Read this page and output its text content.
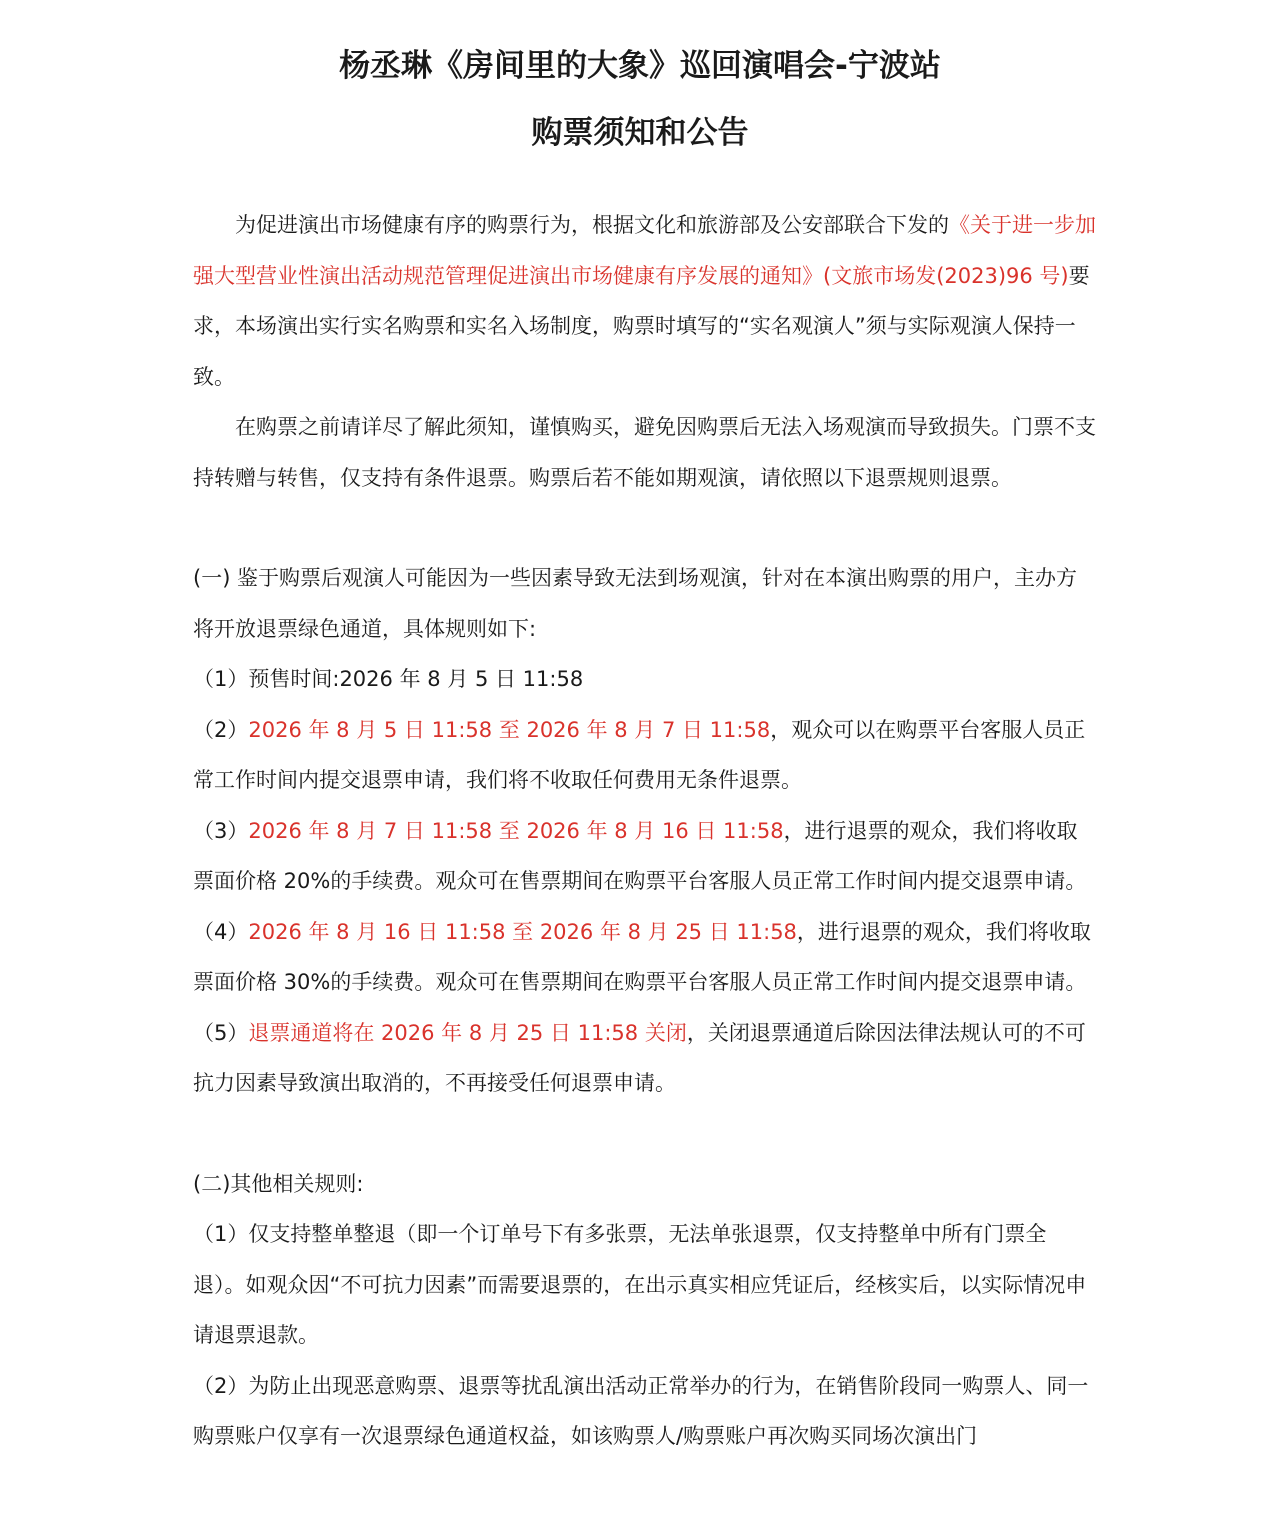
杨丞琳《房间里的大象》巡回演唱会-宁波站
购票须知和公告

为促进演出市场健康有序的购票行为，根据文化和旅游部及公安部联合下发的《关于进一步加强大型营业性演出活动规范管理促进演出市场健康有序发展的通知》(文旅市场发(2023)96 号)要求，本场演出实行实名购票和实名入场制度，购票时填写的“实名观演人”须与实际观演人保持一致。

在购票之前请详尽了解此须知，谨慎购买，避免因购票后无法入场观演而导致损失。门票不支持转赠与转售，仅支持有条件退票。购票后若不能如期观演，请依照以下退票规则退票。

(一) 鉴于购票后观演人可能因为一些因素导致无法到场观演，针对在本演出购票的用户，主办方将开放退票绿色通道，具体规则如下:

（1）预售时间:2026 年 8 月 5 日 11:58

（2）2026 年 8 月 5 日 11:58 至 2026 年 8 月 7 日 11:58，观众可以在购票平台客服人员正常工作时间内提交退票申请，我们将不收取任何费用无条件退票。

（3）2026 年 8 月 7 日 11:58 至 2026 年 8 月 16 日 11:58，进行退票的观众，我们将收取票面价格 20%的手续费。观众可在售票期间在购票平台客服人员正常工作时间内提交退票申请。

（4）2026 年 8 月 16 日 11:58 至 2026 年 8 月 25 日 11:58，进行退票的观众，我们将收取票面价格 30%的手续费。观众可在售票期间在购票平台客服人员正常工作时间内提交退票申请。

（5）退票通道将在 2026 年 8 月 25 日 11:58 关闭，关闭退票通道后除因法律法规认可的不可抗力因素导致演出取消的，不再接受任何退票申请。

(二)其他相关规则:

（1）仅支持整单整退（即一个订单号下有多张票，无法单张退票，仅支持整单中所有门票全退）。如观众因“不可抗力因素”而需要退票的，在出示真实相应凭证后，经核实后，以实际情况申请退票退款。

（2）为防止出现恶意购票、退票等扰乱演出活动正常举办的行为，在销售阶段同一购票人、同一购票账户仅享有一次退票绿色通道权益，如该购票人/购票账户再次购买同场次演出门
